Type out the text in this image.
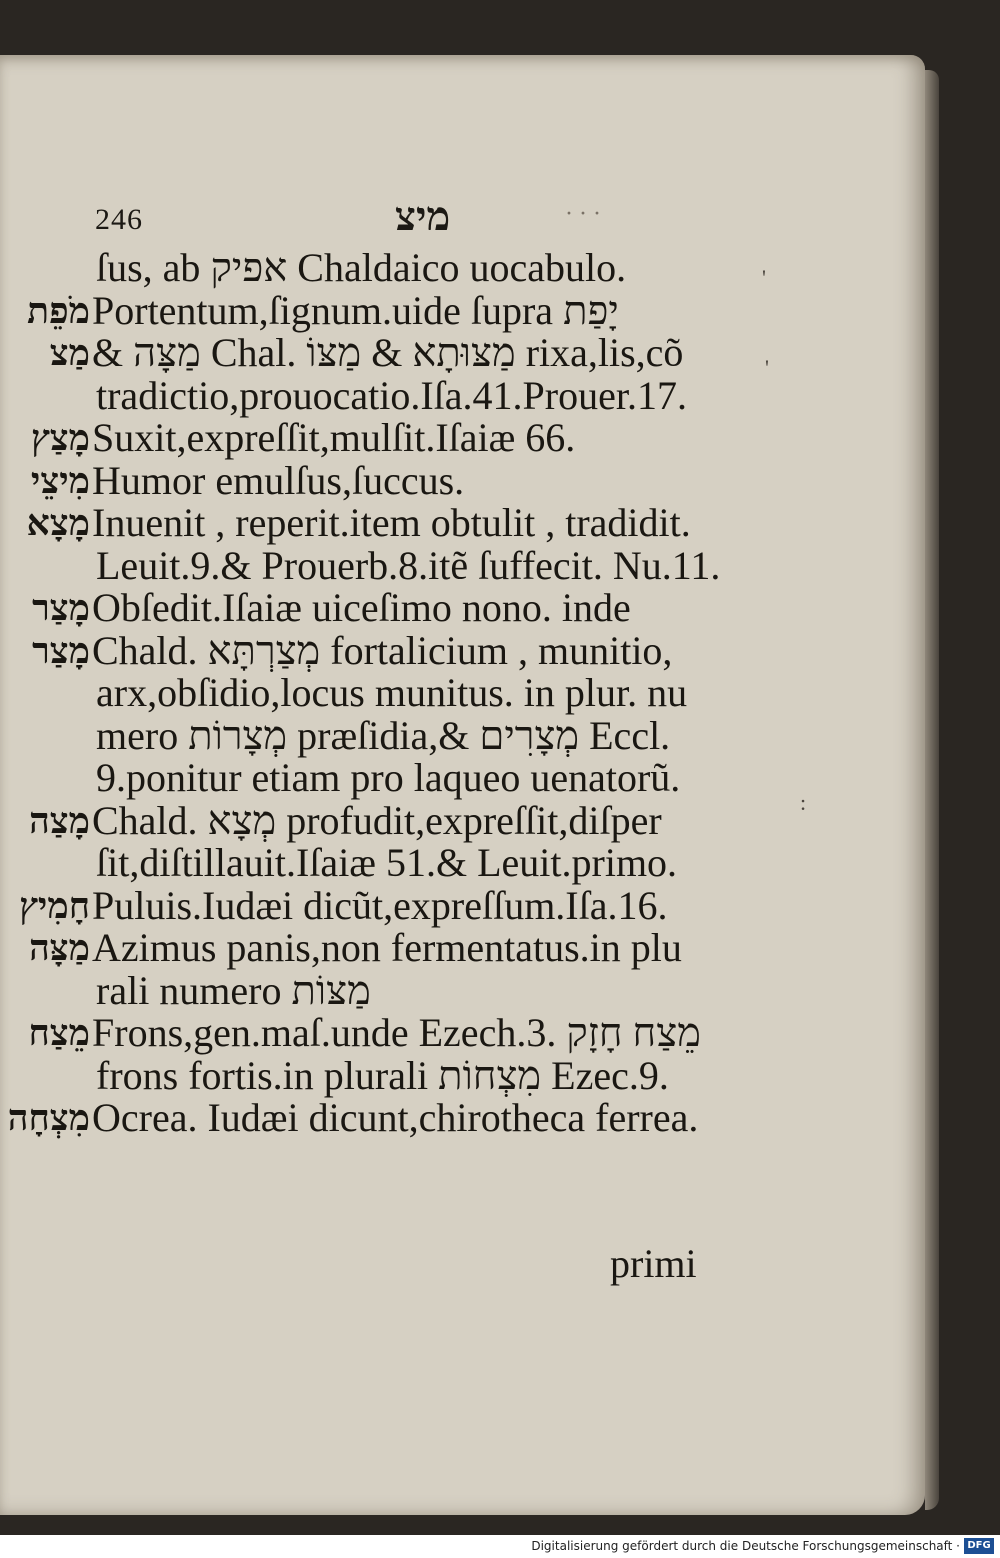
246	מיצ	· · ·
ſus, ab אפיק Chaldaico uocabulo.
מֹפֵת Portentum,ſignum.uide ſupra יָפַת
מַצ & מַצָּה Chal. מַצּוּתָא & מַצּוֹ rixa,lis,cõ
tradictio,prouocatio.Iſa.41.Prouer.17.
מָצַץ Suxit,expreſſit,mulſit.Iſaiæ 66.
מִיצֵי Humor emulſus,ſuccus.
מָצָא Inuenit , reperit.item obtulit , tradidit.
Leuit.9.& Prouerb.8.itẽ ſuffecit. Nu.11.
מָצַר Obſedit.Iſaiæ uiceſimo nono. inde
מָצַר Chald. מְצַרְתָּא fortalicium , munitio,
arx,obſidio,locus munitus. in plur. nu
mero מְצָרוֹת præſidia,& מְצָרִים Eccl.
9.ponitur etiam pro laqueo uenatorũ.
מָצַה Chald. מְצָא profudit,expreſſit,diſper
ſit,diſtillauit.Iſaiæ 51.& Leuit.primo.
חָמִיץ Puluis.Iudæi dicũt,expreſſum.Iſa.16.
מַצָּה Azimus panis,non fermentatus.in plu
rali numero מַצּוֹת
מֵצַח Frons,gen.maſ.unde Ezech.3. מֵצַח חָזָק
frons fortis.in plurali מִצְחוֹת Ezec.9.
מִצְחָה Ocrea. Iudæi dicunt,chirotheca ferrea.
primi
'
'
:
Digitalisierung gefördert durch die Deutsche Forschungsgemeinschaft · DFG
